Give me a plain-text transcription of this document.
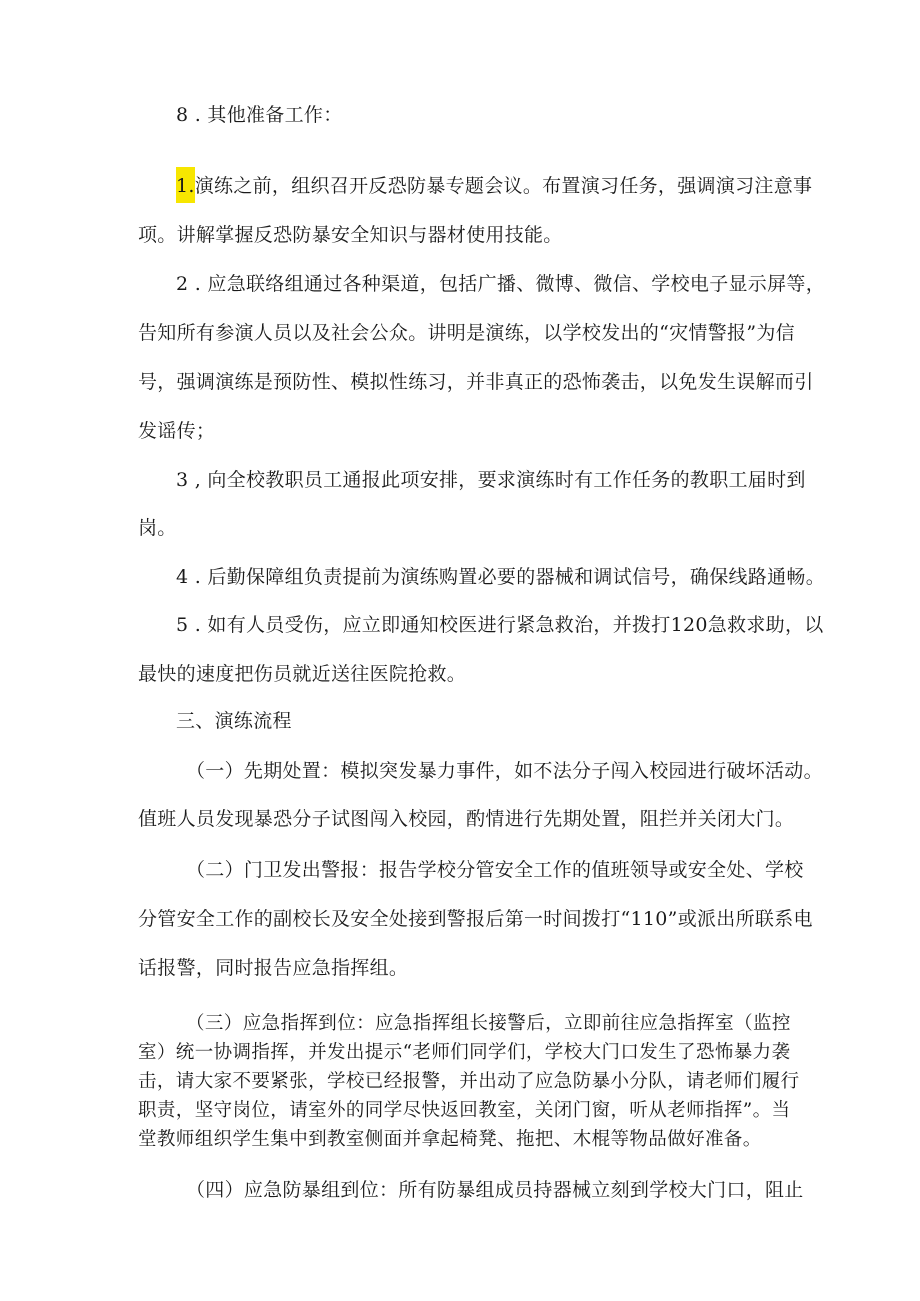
8 . 其他准备工作：
1.演练之前，组织召开反恐防暴专题会议。布置演习任务，强调演习注意事
项。讲解掌握反恐防暴安全知识与器材使用技能。
2 . 应急联络组通过各种渠道，包括广播、微博、微信、学校电子显示屏等，
告知所有参演人员以及社会公众。讲明是演练，以学校发出的“灾情警报”为信
号，强调演练是预防性、模拟性练习，并非真正的恐怖袭击，以免发生误解而引
发谣传；
3 , 向全校教职员工通报此项安排，要求演练时有工作任务的教职工届时到
岗。
4 . 后勤保障组负责提前为演练购置必要的器械和调试信号，确保线路通畅。
5 . 如有人员受伤，应立即通知校医进行紧急救治，并拨打120急救求助，以
最快的速度把伤员就近送往医院抢救。
三、演练流程
（一）先期处置：模拟突发暴力事件，如不法分子闯入校园进行破坏活动。
值班人员发现暴恐分子试图闯入校园，酌情进行先期处置，阻拦并关闭大门。
（二）门卫发出警报：报告学校分管安全工作的值班领导或安全处、学校
分管安全工作的副校长及安全处接到警报后第一时间拨打“110”或派出所联系电
话报警，同时报告应急指挥组。
（三）应急指挥到位：应急指挥组长接警后，立即前往应急指挥室（监控
室）统一协调指挥，并发出提示“老师们同学们，学校大门口发生了恐怖暴力袭
击，请大家不要紧张，学校已经报警，并出动了应急防暴小分队，请老师们履行
职责，坚守岗位，请室外的同学尽快返回教室，关闭门窗，听从老师指挥”。当
堂教师组织学生集中到教室侧面并拿起椅凳、拖把、木棍等物品做好准备。
（四）应急防暴组到位：所有防暴组成员持器械立刻到学校大门口，阻止
